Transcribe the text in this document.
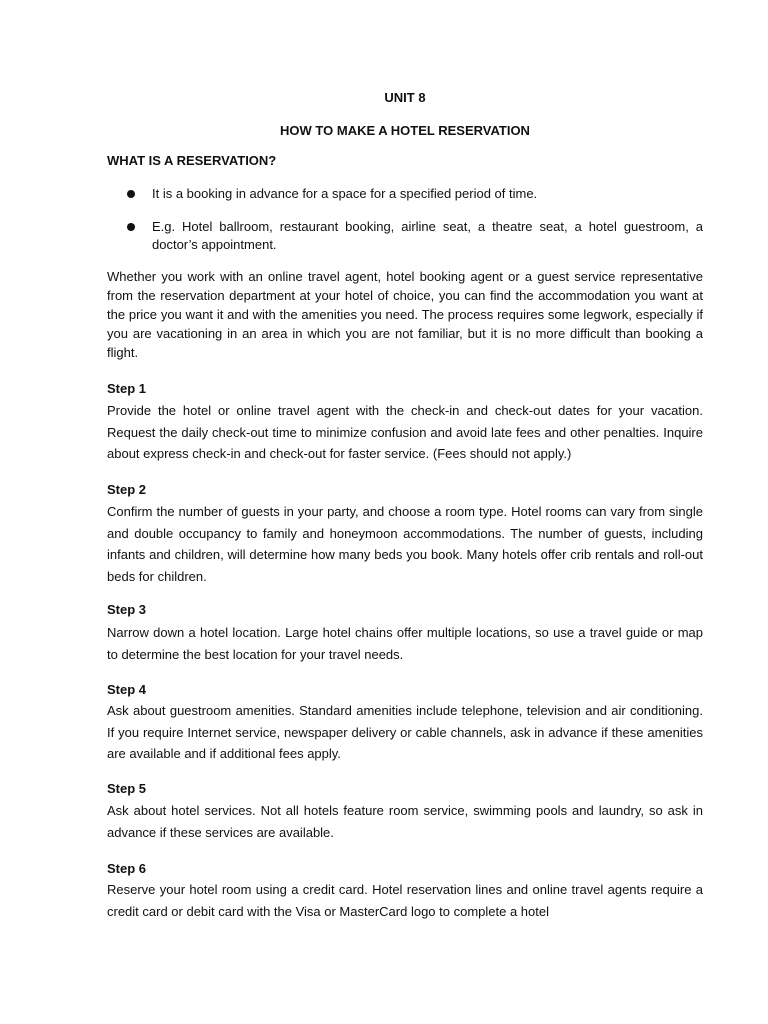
UNIT 8
HOW TO MAKE A HOTEL RESERVATION
WHAT IS A RESERVATION?
It is a booking in advance for a space for a specified period of time.
E.g. Hotel ballroom, restaurant booking, airline seat, a theatre seat, a hotel guestroom, a doctor’s appointment.
Whether you work with an online travel agent, hotel booking agent or a guest service representative from the reservation department at your hotel of choice, you can find the accommodation you want at the price you want it and with the amenities you need. The process requires some legwork, especially if you are vacationing in an area in which you are not familiar, but it is no more difficult than booking a flight.
Step 1
Provide the hotel or online travel agent with the check-in and check-out dates for your vacation. Request the daily check-out time to minimize confusion and avoid late fees and other penalties. Inquire about express check-in and check-out for faster service. (Fees should not apply.)
Step 2
Confirm the number of guests in your party, and choose a room type. Hotel rooms can vary from single and double occupancy to family and honeymoon accommodations. The number of guests, including infants and children, will determine how many beds you book. Many hotels offer crib rentals and roll-out beds for children.
Step 3
Narrow down a hotel location. Large hotel chains offer multiple locations, so use a travel guide or map to determine the best location for your travel needs.
Step 4
Ask about guestroom amenities. Standard amenities include telephone, television and air conditioning. If you require Internet service, newspaper delivery or cable channels, ask in advance if these amenities are available and if additional fees apply.
Step 5
Ask about hotel services. Not all hotels feature room service, swimming pools and laundry, so ask in advance if these services are available.
Step 6
Reserve your hotel room using a credit card. Hotel reservation lines and online travel agents require a credit card or debit card with the Visa or MasterCard logo to complete a hotel
